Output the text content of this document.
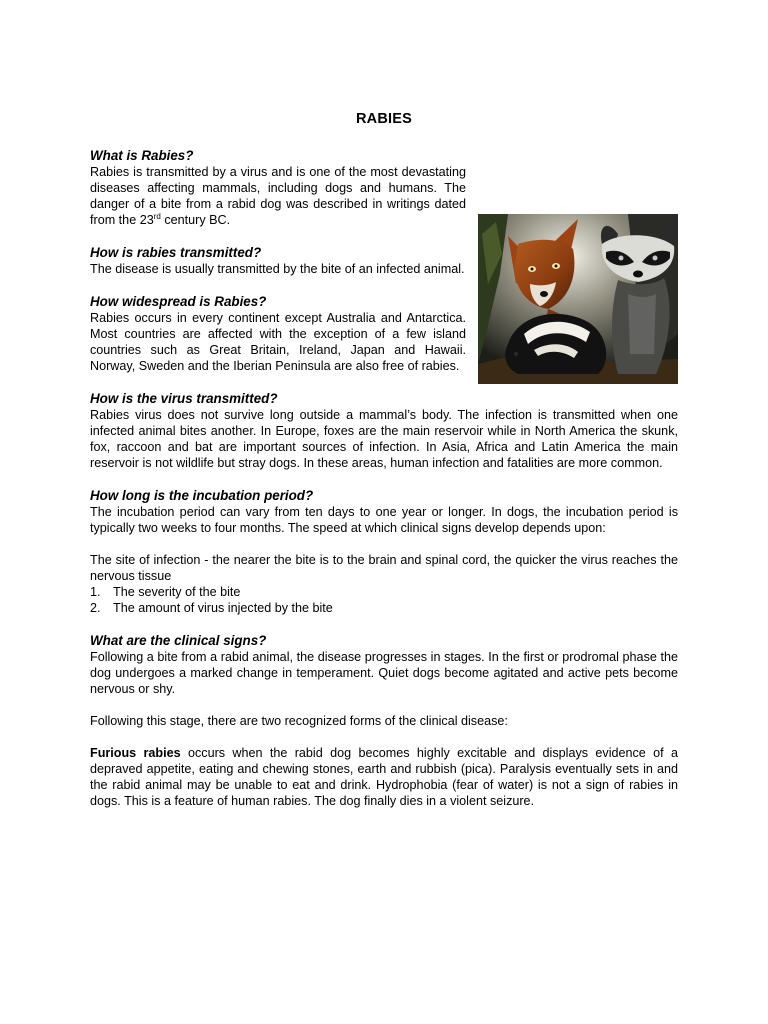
RABIES
What is Rabies?

Rabies is transmitted by a virus and is one of the most devastating diseases affecting mammals, including dogs and humans. The danger of a bite from a rabid dog was described in writings dated from the 23rd century BC.

How is rabies transmitted?

The disease is usually transmitted by the bite of an infected animal.

How widespread is Rabies?

Rabies occurs in every continent except Australia and Antarctica. Most countries are affected with the exception of a few island countries such as Great Britain, Ireland, Japan and Hawaii. Norway, Sweden and the Iberian Peninsula are also free of rabies.

How is the virus transmitted?

Rabies virus does not survive long outside a mammal’s body. The infection is transmitted when one infected animal bites another. In Europe, foxes are the main reservoir while in North America the skunk, fox, raccoon and bat are important sources of infection. In Asia, Africa and Latin America the main reservoir is not wildlife but stray dogs. In these areas, human infection and fatalities are more common.

How long is the incubation period?

The incubation period can vary from ten days to one year or longer. In dogs, the incubation period is typically two weeks to four months. The speed at which clinical signs develop depends upon:

The site of infection - the nearer the bite is to the brain and spinal cord, the quicker the virus reaches the nervous tissue

1. The severity of the bite
2. The amount of virus injected by the bite
What are the clinical signs?

Following a bite from a rabid animal, the disease progresses in stages. In the first or prodromal phase the dog undergoes a marked change in temperament. Quiet dogs become agitated and active pets become nervous or shy.

Following this stage, there are two recognized forms of the clinical disease:

Furious rabies occurs when the rabid dog becomes highly excitable and displays evidence of a depraved appetite, eating and chewing stones, earth and rubbish (pica). Paralysis eventually sets in and the rabid animal may be unable to eat and drink. Hydrophobia (fear of water) is not a sign of rabies in dogs. This is a feature of human rabies. The dog finally dies in a violent seizure.
